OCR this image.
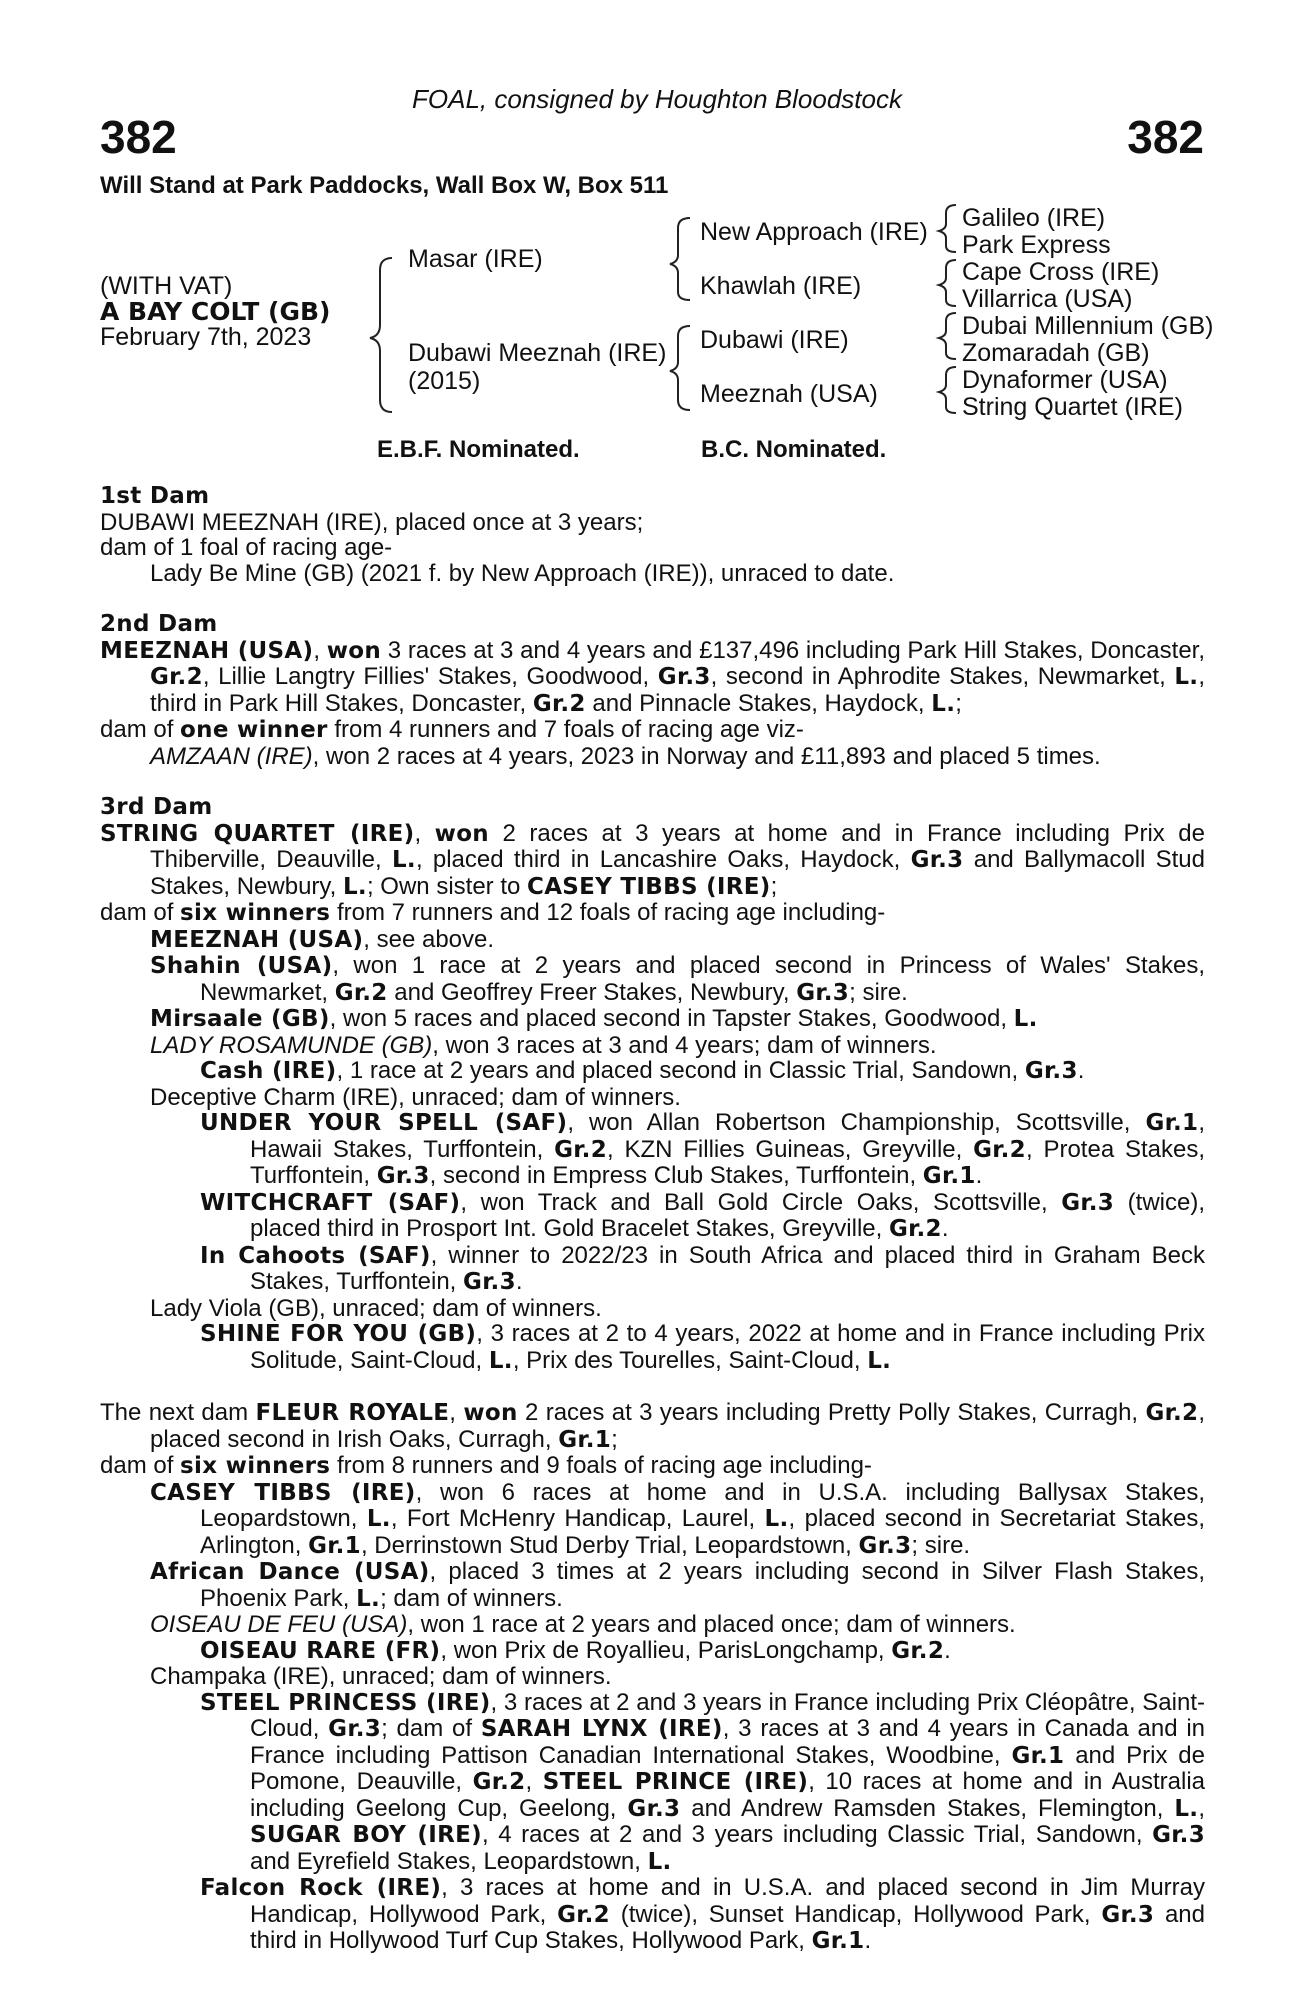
FOAL, consigned by Houghton Bloodstock
382	382
Will Stand at Park Paddocks, Wall Box W, Box 511
(WITH VAT)
A BAY COLT (GB)
February 7th, 2023
Masar (IRE)
Dubawi Meeznah (IRE)
(2015)
New Approach (IRE)
Khawlah (IRE)
Dubawi (IRE)
Meeznah (USA)
Galileo (IRE)
Park Express
Cape Cross (IRE)
Villarrica (USA)
Dubai Millennium (GB)
Zomaradah (GB)
Dynaformer (USA)
String Quartet (IRE)
E.B.F. Nominated.	B.C. Nominated.
1st Dam
DUBAWI MEEZNAH (IRE), placed once at 3 years;
dam of 1 foal of racing age-
Lady Be Mine (GB) (2021 f. by New Approach (IRE)), unraced to date.
2nd Dam
MEEZNAH (USA), won 3 races at 3 and 4 years and £137,496 including Park Hill Stakes, Doncaster, Gr.2, Lillie Langtry Fillies' Stakes, Goodwood, Gr.3, second in Aphrodite Stakes, Newmarket, L., third in Park Hill Stakes, Doncaster, Gr.2 and Pinnacle Stakes, Haydock, L.;
dam of one winner from 4 runners and 7 foals of racing age viz-
AMZAAN (IRE), won 2 races at 4 years, 2023 in Norway and £11,893 and placed 5 times.
3rd Dam
STRING QUARTET (IRE), won 2 races at 3 years at home and in France including Prix de Thiberville, Deauville, L., placed third in Lancashire Oaks, Haydock, Gr.3 and Ballymacoll Stud Stakes, Newbury, L.; Own sister to CASEY TIBBS (IRE);
dam of six winners from 7 runners and 12 foals of racing age including-
MEEZNAH (USA), see above.
Shahin (USA), won 1 race at 2 years and placed second in Princess of Wales' Stakes, Newmarket, Gr.2 and Geoffrey Freer Stakes, Newbury, Gr.3; sire.
Mirsaale (GB), won 5 races and placed second in Tapster Stakes, Goodwood, L.
LADY ROSAMUNDE (GB), won 3 races at 3 and 4 years; dam of winners.
Cash (IRE), 1 race at 2 years and placed second in Classic Trial, Sandown, Gr.3.
Deceptive Charm (IRE), unraced; dam of winners.
UNDER YOUR SPELL (SAF), won Allan Robertson Championship, Scottsville, Gr.1, Hawaii Stakes, Turffontein, Gr.2, KZN Fillies Guineas, Greyville, Gr.2, Protea Stakes, Turffontein, Gr.3, second in Empress Club Stakes, Turffontein, Gr.1.
WITCHCRAFT (SAF), won Track and Ball Gold Circle Oaks, Scottsville, Gr.3 (twice), placed third in Prosport Int. Gold Bracelet Stakes, Greyville, Gr.2.
In Cahoots (SAF), winner to 2022/23 in South Africa and placed third in Graham Beck Stakes, Turffontein, Gr.3.
Lady Viola (GB), unraced; dam of winners.
SHINE FOR YOU (GB), 3 races at 2 to 4 years, 2022 at home and in France including Prix Solitude, Saint-Cloud, L., Prix des Tourelles, Saint-Cloud, L.
The next dam FLEUR ROYALE, won 2 races at 3 years including Pretty Polly Stakes, Curragh, Gr.2, placed second in Irish Oaks, Curragh, Gr.1;
dam of six winners from 8 runners and 9 foals of racing age including-
CASEY TIBBS (IRE), won 6 races at home and in U.S.A. including Ballysax Stakes, Leopardstown, L., Fort McHenry Handicap, Laurel, L., placed second in Secretariat Stakes, Arlington, Gr.1, Derrinstown Stud Derby Trial, Leopardstown, Gr.3; sire.
African Dance (USA), placed 3 times at 2 years including second in Silver Flash Stakes, Phoenix Park, L.; dam of winners.
OISEAU DE FEU (USA), won 1 race at 2 years and placed once; dam of winners.
OISEAU RARE (FR), won Prix de Royallieu, ParisLongchamp, Gr.2.
Champaka (IRE), unraced; dam of winners.
STEEL PRINCESS (IRE), 3 races at 2 and 3 years in France including Prix Cléopâtre, Saint-Cloud, Gr.3; dam of SARAH LYNX (IRE), 3 races at 3 and 4 years in Canada and in France including Pattison Canadian International Stakes, Woodbine, Gr.1 and Prix de Pomone, Deauville, Gr.2, STEEL PRINCE (IRE), 10 races at home and in Australia including Geelong Cup, Geelong, Gr.3 and Andrew Ramsden Stakes, Flemington, L., SUGAR BOY (IRE), 4 races at 2 and 3 years including Classic Trial, Sandown, Gr.3 and Eyrefield Stakes, Leopardstown, L.
Falcon Rock (IRE), 3 races at home and in U.S.A. and placed second in Jim Murray Handicap, Hollywood Park, Gr.2 (twice), Sunset Handicap, Hollywood Park, Gr.3 and third in Hollywood Turf Cup Stakes, Hollywood Park, Gr.1.
